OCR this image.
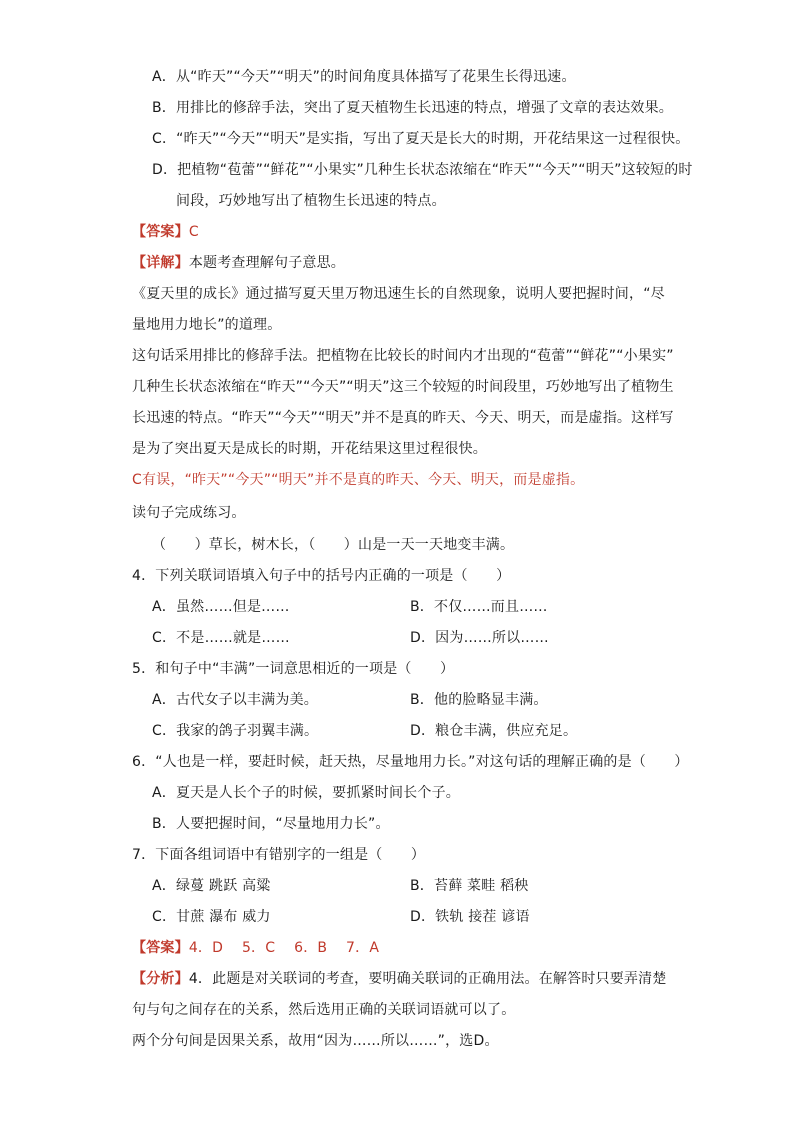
A．从“昨天”“今天”“明天”的时间角度具体描写了花果生长得迅速。
B．用排比的修辞手法，突出了夏天植物生长迅速的特点，增强了文章的表达效果。
C．“昨天”“今天”“明天”是实指，写出了夏天是长大的时期，开花结果这一过程很快。
D．把植物“苞蕾”“鲜花”“小果实”几种生长状态浓缩在“昨天”“今天”“明天”这较短的时
间段，巧妙地写出了植物生长迅速的特点。
【答案】C
【详解】本题考查理解句子意思。
《夏天里的成长》通过描写夏天里万物迅速生长的自然现象，说明人要把握时间，“尽
量地用力地长”的道理。
这句话采用排比的修辞手法。把植物在比较长的时间内才出现的“苞蕾”“鲜花”“小果实”
几种生长状态浓缩在“昨天”“今天”“明天”这三个较短的时间段里，巧妙地写出了植物生
长迅速的特点。“昨天”“今天”“明天”并不是真的昨天、今天、明天，而是虚指。这样写
是为了突出夏天是成长的时期，开花结果这里过程很快。
C有误，“昨天”“今天”“明天”并不是真的昨天、今天、明天，而是虚指。
读句子完成练习。
（　　）草长，树木长，（　　）山是一天一天地变丰满。
4．下列关联词语填入句子中的括号内正确的一项是（　　）
A．虽然……但是……	B．不仅……而且……
C．不是……就是……	D．因为……所以……
5．和句子中“丰满”一词意思相近的一项是（　　）
A．古代女子以丰满为美。	B．他的脸略显丰满。
C．我家的鸽子羽翼丰满。	D．粮仓丰满，供应充足。
6．“人也是一样，要赶时候，赶天热，尽量地用力长。”对这句话的理解正确的是（　　）
A．夏天是人长个子的时候，要抓紧时间长个子。
B．人要把握时间，“尽量地用力长”。
7．下面各组词语中有错别字的一组是（　　）
A．绿蔓 跳跃 高粱	B．苔藓 菜畦 稻秧
C．甘蔗 瀑布 威力	D．铁轨 接茬 谚语
【答案】4．D　 5．C　 6．B　 7．A
【分析】4．此题是对关联词的考查，要明确关联词的正确用法。在解答时只要弄清楚
句与句之间存在的关系，然后选用正确的关联词语就可以了。
两个分句间是因果关系，故用“因为……所以……”，选D。
